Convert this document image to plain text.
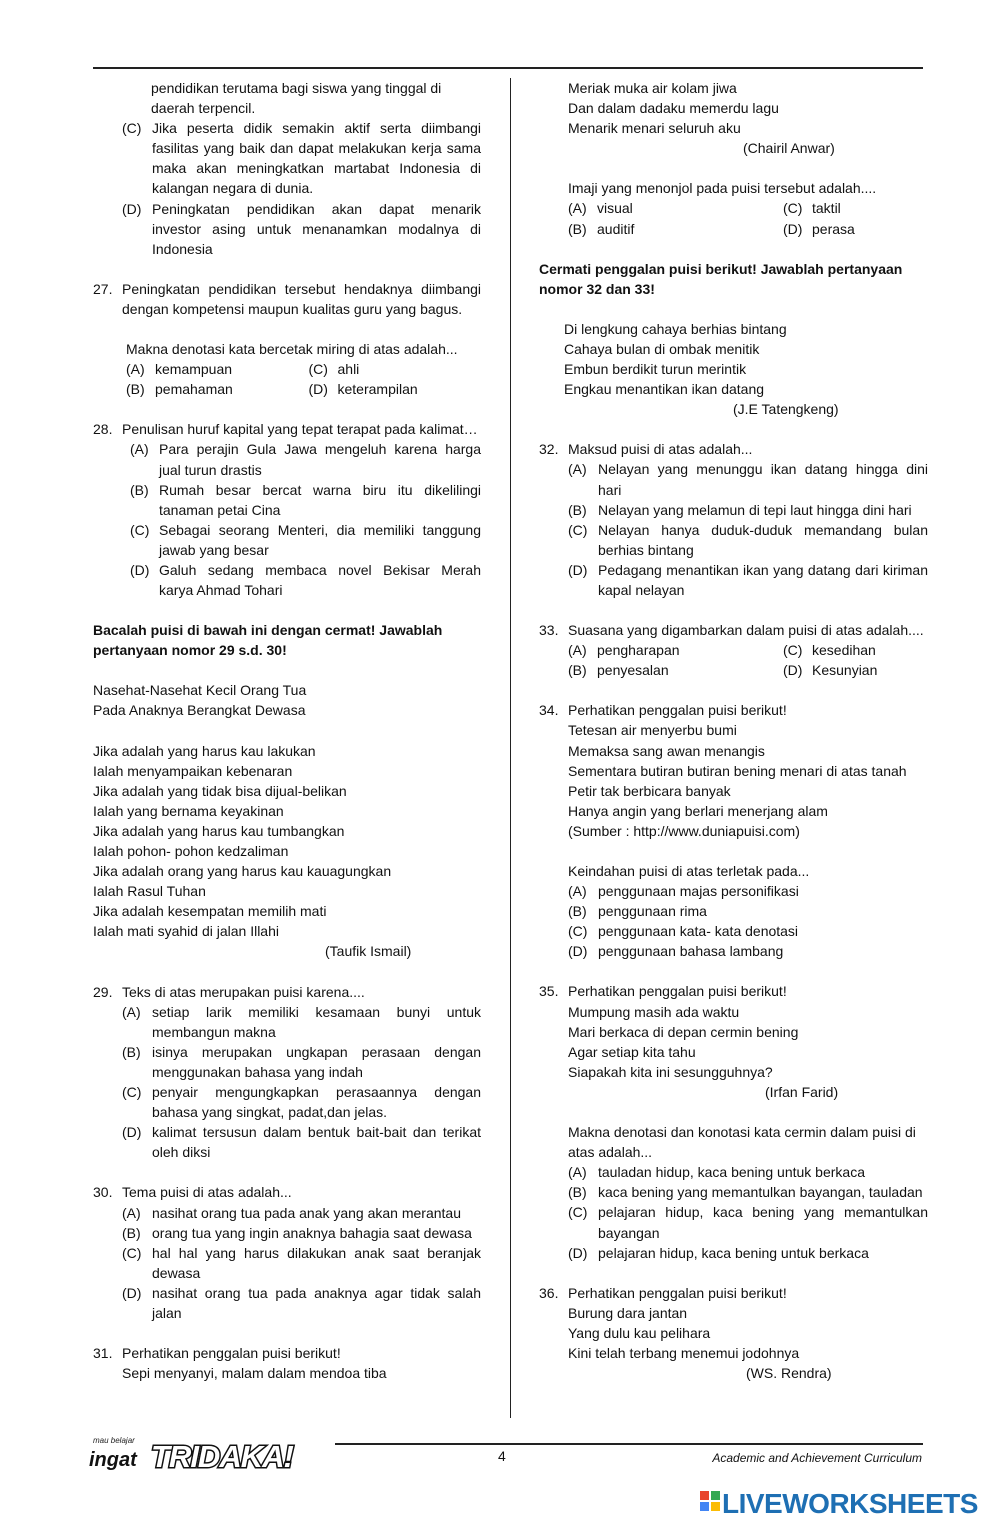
pendidikan terutama bagi siswa yang tinggal di
daerah terpencil.
(C) Jika peserta didik semakin aktif serta diimbangi fasilitas yang baik dan dapat melakukan kerja sama maka akan meningkatkan martabat Indonesia di kalangan negara di dunia.
(D) Peningkatan pendidikan akan dapat menarik investor asing untuk menanamkan modalnya di Indonesia
27. Peningkatan pendidikan tersebut hendaknya diimbangi dengan kompetensi maupun kualitas guru yang bagus.
Makna denotasi kata bercetak miring di atas adalah...
(A) kemampuan	(C) ahli
(B) pemahaman	(D) keterampilan
28. Penulisan huruf kapital yang tepat terapat pada kalimat…
(A) Para perajin Gula Jawa mengeluh karena harga jual turun drastis
(B) Rumah besar bercat warna biru itu dikelilingi tanaman petai Cina
(C) Sebagai seorang Menteri, dia memiliki tanggung jawab yang besar
(D) Galuh sedang membaca novel Bekisar Merah karya Ahmad Tohari
Bacalah puisi di bawah ini dengan cermat! Jawablah pertanyaan nomor 29 s.d. 30!
Nasehat-Nasehat Kecil Orang Tua
Pada Anaknya Berangkat Dewasa
Jika adalah yang harus kau lakukan
Ialah menyampaikan kebenaran
Jika adalah yang tidak bisa dijual-belikan
Ialah yang bernama keyakinan
Jika adalah yang harus kau tumbangkan
Ialah pohon- pohon kedzaliman
Jika adalah orang yang harus kau kauagungkan
Ialah Rasul Tuhan
Jika adalah kesempatan memilih mati
Ialah mati syahid di jalan Illahi
(Taufik Ismail)
29. Teks di atas merupakan puisi karena....
(A) setiap larik memiliki kesamaan bunyi untuk membangun makna
(B) isinya merupakan ungkapan perasaan dengan menggunakan bahasa yang indah
(C) penyair mengungkapkan perasaannya dengan bahasa yang singkat, padat,dan jelas.
(D) kalimat tersusun dalam bentuk bait-bait dan terikat oleh diksi
30. Tema puisi di atas adalah...
(A) nasihat orang tua pada anak yang akan merantau
(B) orang tua yang ingin anaknya bahagia saat dewasa
(C) hal hal yang harus dilakukan anak saat beranjak dewasa
(D) nasihat orang tua pada anaknya agar tidak salah jalan
31. Perhatikan penggalan puisi berikut!
Sepi menyanyi, malam dalam mendoa tiba
Meriak muka air kolam jiwa
Dan dalam dadaku memerdu lagu
Menarik menari seluruh aku
(Chairil Anwar)
Imaji yang menonjol pada puisi tersebut adalah....
(A) visual	(C) taktil
(B) auditif	(D) perasa
Cermati penggalan puisi berikut! Jawablah pertanyaan nomor 32 dan 33!
Di lengkung cahaya berhias bintang
Cahaya bulan di ombak menitik
Embun berdikit turun merintik
Engkau menantikan ikan datang
(J.E Tatengkeng)
32. Maksud puisi di atas adalah...
(A) Nelayan yang menunggu ikan datang hingga dini hari
(B) Nelayan yang melamun di tepi laut hingga dini hari
(C) Nelayan hanya duduk-duduk memandang bulan berhias bintang
(D) Pedagang menantikan ikan yang datang dari kiriman kapal nelayan
33. Suasana yang digambarkan dalam puisi di atas adalah....
(A) pengharapan	(C) kesedihan
(B) penyesalan	(D) Kesunyian
34. Perhatikan penggalan puisi berikut!
Tetesan air menyerbu bumi
Memaksa sang awan menangis
Sementara butiran butiran bening menari di atas tanah
Petir tak berbicara banyak
Hanya angin yang berlari menerjang alam
(Sumber : http://www.duniapuisi.com)
Keindahan puisi di atas terletak pada...
(A) penggunaan majas personifikasi
(B) penggunaan rima
(C) penggunaan kata- kata denotasi
(D) penggunaan bahasa lambang
35. Perhatikan penggalan puisi berikut!
Mumpung masih ada waktu
Mari berkaca di depan cermin bening
Agar setiap kita tahu
Siapakah kita ini sesungguhnya?
(Irfan Farid)
Makna denotasi dan konotasi kata cermin dalam puisi di atas adalah...
(A) tauladan hidup, kaca bening untuk berkaca
(B) kaca bening yang memantulkan bayangan, tauladan
(C) pelajaran hidup, kaca bening yang memantulkan bayangan
(D) pelajaran hidup, kaca bening untuk berkaca
36. Perhatikan penggalan puisi berikut!
Burung dara jantan
Yang dulu kau pelihara
Kini telah terbang menemui jodohnya
(WS. Rendra)
mau belajar
ingat TRIDAKA!	4	Academic and Achievement Curriculum
LIVEWORKSHEETS
